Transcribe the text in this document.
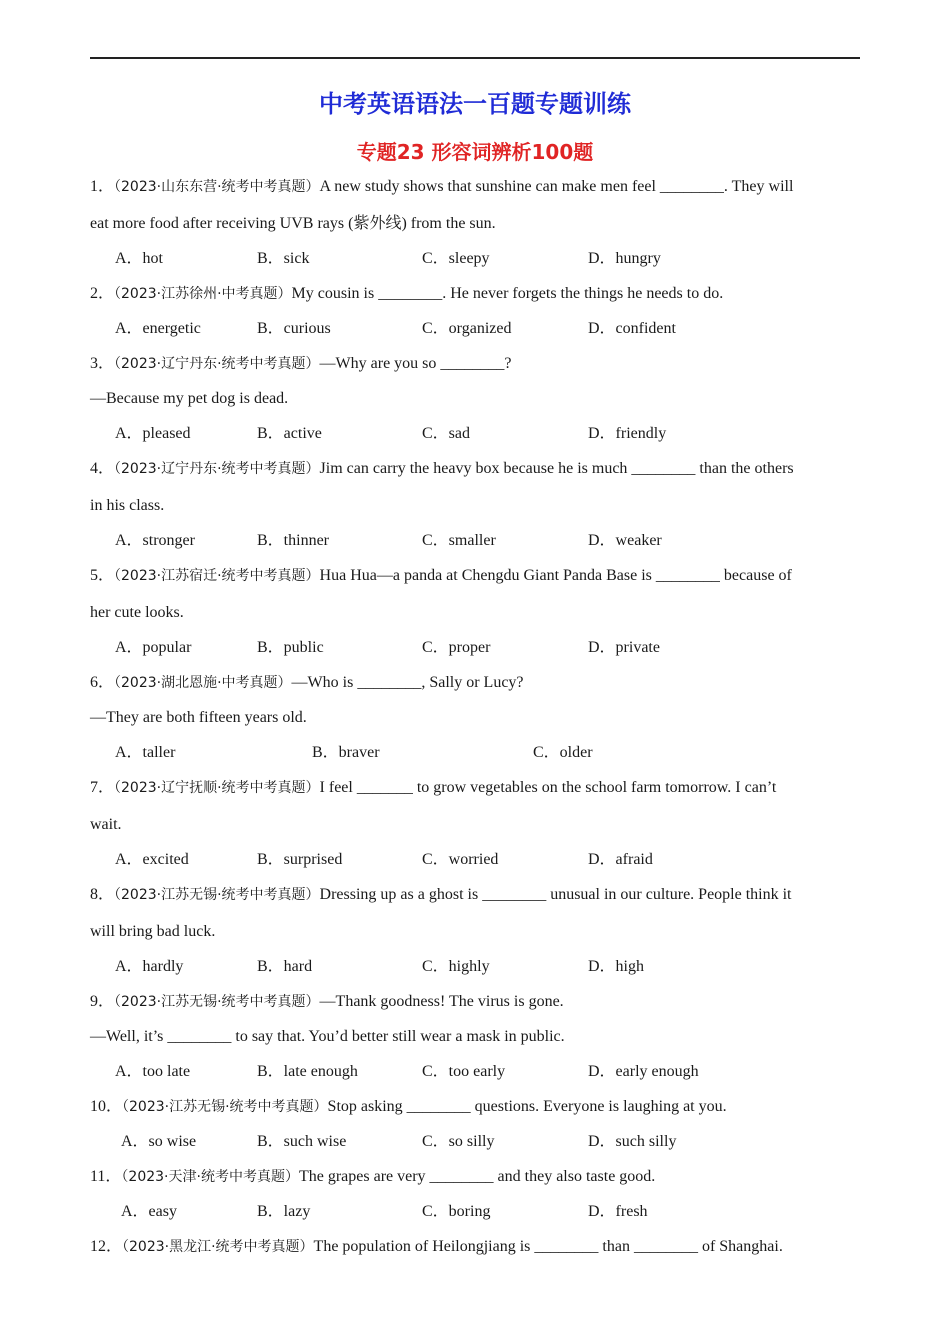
中考英语语法一百题专题训练
专题23 形容词辨析100题
1．（2023·山东东营·统考中考真题）A new study shows that sunshine can make men feel ________. They will
eat more food after receiving UVB rays (紫外线) from the sun.
A．hot	B．sick	C．sleepy	D．hungry
2．（2023·江苏徐州·中考真题）My cousin is ________. He never forgets the things he needs to do.
A．energetic	B．curious	C．organized	D．confident
3．（2023·辽宁丹东·统考中考真题）—Why are you so ________?
—Because my pet dog is dead.
A．pleased	B．active	C．sad	D．friendly
4．（2023·辽宁丹东·统考中考真题）Jim can carry the heavy box because he is much ________ than the others
in his class.
A．stronger	B．thinner	C．smaller	D．weaker
5．（2023·江苏宿迁·统考中考真题）Hua Hua—a panda at Chengdu Giant Panda Base is ________ because of
her cute looks.
A．popular	B．public	C．proper	D．private
6．（2023·湖北恩施·中考真题）—Who is ________, Sally or Lucy?
—They are both fifteen years old.
A．taller	B．braver	C．older
7．（2023·辽宁抚顺·统考中考真题）I feel _______ to grow vegetables on the school farm tomorrow. I can’t
wait.
A．excited	B．surprised	C．worried	D．afraid
8．（2023·江苏无锡·统考中考真题）Dressing up as a ghost is ________ unusual in our culture. People think it
will bring bad luck.
A．hardly	B．hard	C．highly	D．high
9．（2023·江苏无锡·统考中考真题）—Thank goodness! The virus is gone.
—Well, it’s ________ to say that. You’d better still wear a mask in public.
A．too late	B．late enough	C．too early	D．early enough
10．（2023·江苏无锡·统考中考真题）Stop asking ________ questions. Everyone is laughing at you.
A．so wise	B．such wise	C．so silly	D．such silly
11．（2023·天津·统考中考真题）The grapes are very ________ and they also taste good.
A．easy	B．lazy	C．boring	D．fresh
12．（2023·黑龙江·统考中考真题）The population of Heilongjiang is ________ than ________ of Shanghai.
